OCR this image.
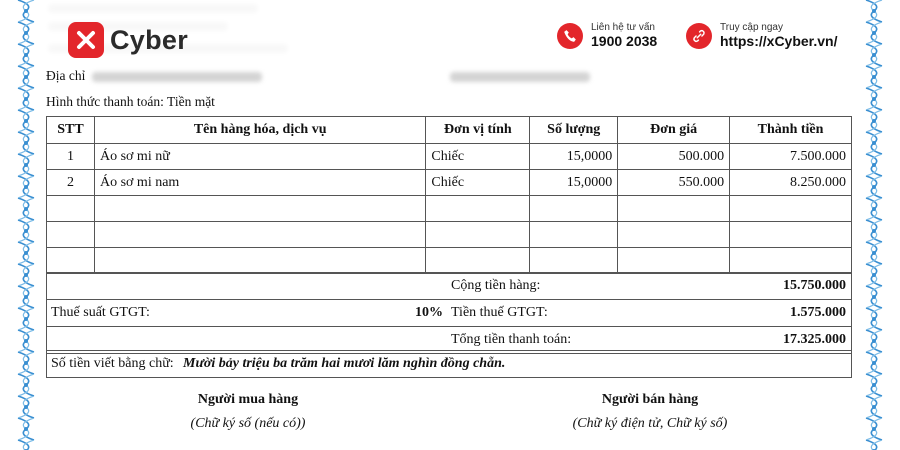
Cyber	Liên hệ tư vấn
1900 2038
Truy cập ngay
https://xCyber.vn/
Địa chỉ
Hình thức thanh toán: Tiền mặt
STT	Tên hàng hóa, dịch vụ	Đơn vị tính	Số lượng	Đơn giá	Thành tiền
1	Áo sơ mi nữ	Chiếc	15,0000	500.000	7.500.000
2	Áo sơ mi nam	Chiếc	15,0000	550.000	8.250.000

Cộng tiền hàng:	15.750.000
Thuế suất GTGT:	10% Tiền thuế GTGT:	1.575.000
Tổng tiền thanh toán:	17.325.000
Số tiền viết bằng chữ: Mười bảy triệu ba trăm hai mươi lăm nghìn đồng chẵn.
Người mua hàng
(Chữ ký số (nếu có))
Người bán hàng
(Chữ ký điện tử, Chữ ký số)
